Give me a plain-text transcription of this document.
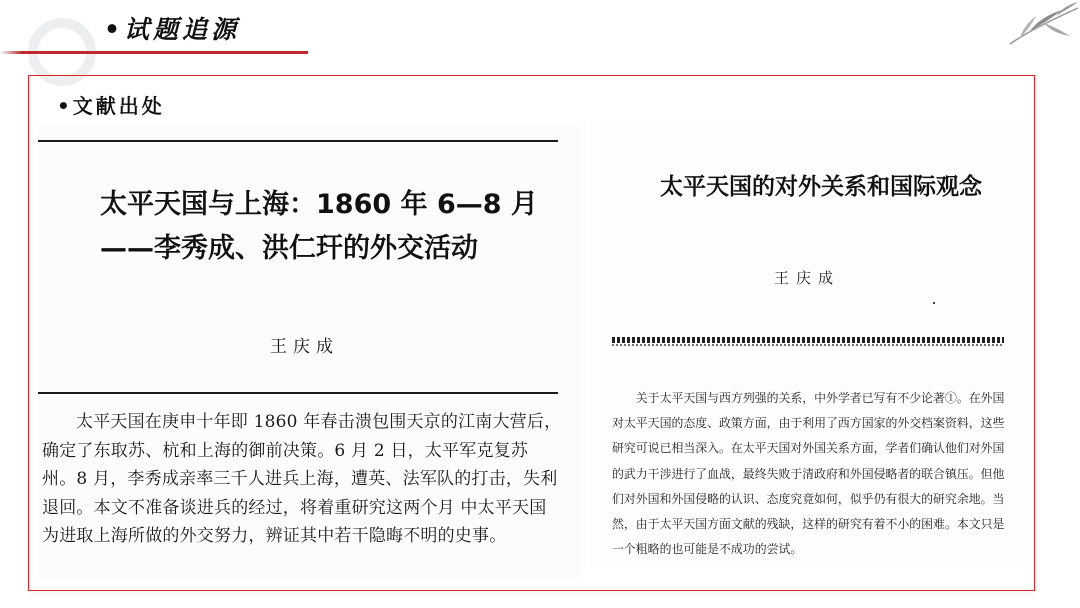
•试题追源
•文献出处
太平天国与上海：1860 年 6—8 月
——李秀成、洪仁玕的外交活动
王庆成

太平天国在庚申十年即 1860 年春击溃包围天京的江南大营后，确定了东取苏、杭和上海的御前决策。6 月 2 日，太平军克复苏州。8 月，李秀成亲率三千人进兵上海，遭英、法军队的打击，失利退回。本文不准备谈进兵的经过，将着重研究这两个月 中太平天国为进取上海所做的外交努力，辨证其中若干隐晦不明的史事。

太平天国的对外关系和国际观念
王庆成

关于太平天国与西方列强的关系，中外学者已写有不少论著①。在外国对太平天国的态度、政策方面，由于利用了西方国家的外交档案资料，这些研究可说已相当深入。在太平天国对外国关系方面，学者们确认他们对外国的武力干涉进行了血战，最终失败于清政府和外国侵略者的联合镇压。但他们对外国和外国侵略的认识、态度究竟如何，似乎仍有很大的研究余地。当然，由于太平天国方面文献的残缺，这样的研究有着不小的困难。本文只是一个粗略的也可能是不成功的尝试。
